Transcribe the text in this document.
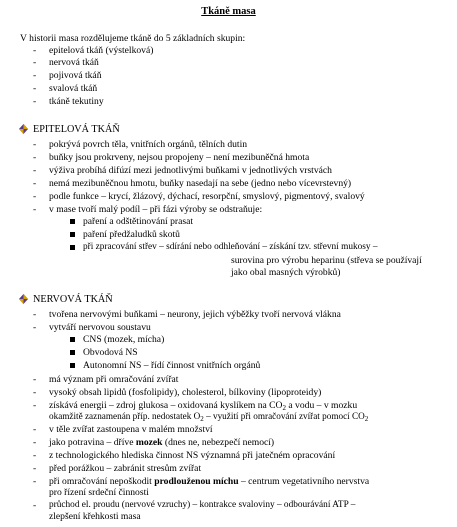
Tkáně masa
V historii masa rozdělujeme tkáně do 5 základních skupin:
- epitelová tkáň (výstelková)
- nervová tkáň
- pojivová tkáň
- svalová tkáň
- tkáně tekutiny
EPITELOVÁ TKÁŇ
- pokrývá povrch těla, vnitřních orgánů, tělních dutin
- buňky jsou prokrveny, nejsou propojeny – není mezibuněčná hmota
- výživa probíhá difúzí mezi jednotlivými buňkami v jednotlivých vrstvách
- nemá mezibuněčnou hmotu, buňky nasedají na sebe (jedno nebo vícevrstevný)
- podle funkce – krycí, žlázový, dýchací, resorpční, smyslový, pigmentový, svalový
- v mase tvoří malý podíl – při fázi výroby se odstraňuje:
paření a odštětinování prasat
paření předžaludků skotů
při zpracování střev – sdírání nebo odhleňování – získání tzv. střevní mukosy –
surovina pro výrobu heparinu (střeva se používají
jako obal masných výrobků)
NERVOVÁ TKÁŇ
- tvořena nervovými buňkami – neurony, jejich výběžky tvoří nervová vlákna
- vytváří nervovou soustavu
CNS (mozek, mícha)
Obvodová NS
Autonomní NS – řídí činnost vnitřních orgánů
- má význam při omračování zvířat
- vysoký obsah lipidů (fosfolipidy), cholesterol, bílkoviny (lipoproteidy)
- získává energii – zdroj glukosa – oxidovaná kyslíkem na $CO_2$ a vodu – v mozku
okamžitě zaznamenán příp. nedostatek $O_2$ – využití při omračování zvířat pomocí $CO_2$
- v těle zvířat zastoupena v malém množství
- jako potravina – dříve mozek (dnes ne, nebezpečí nemocí)
- z technologického hlediska činnost NS významná při jatečném opracování
- před porážkou – zabránit stresům zvířat
- při omračování nepoškodit prodlouženou míchu – centrum vegetativního nervstva
pro řízení srdeční činnosti
- průchod el. proudu (nervové vzruchy) – kontrakce svaloviny – odbourávání ATP –
zlepšení křehkosti masa
